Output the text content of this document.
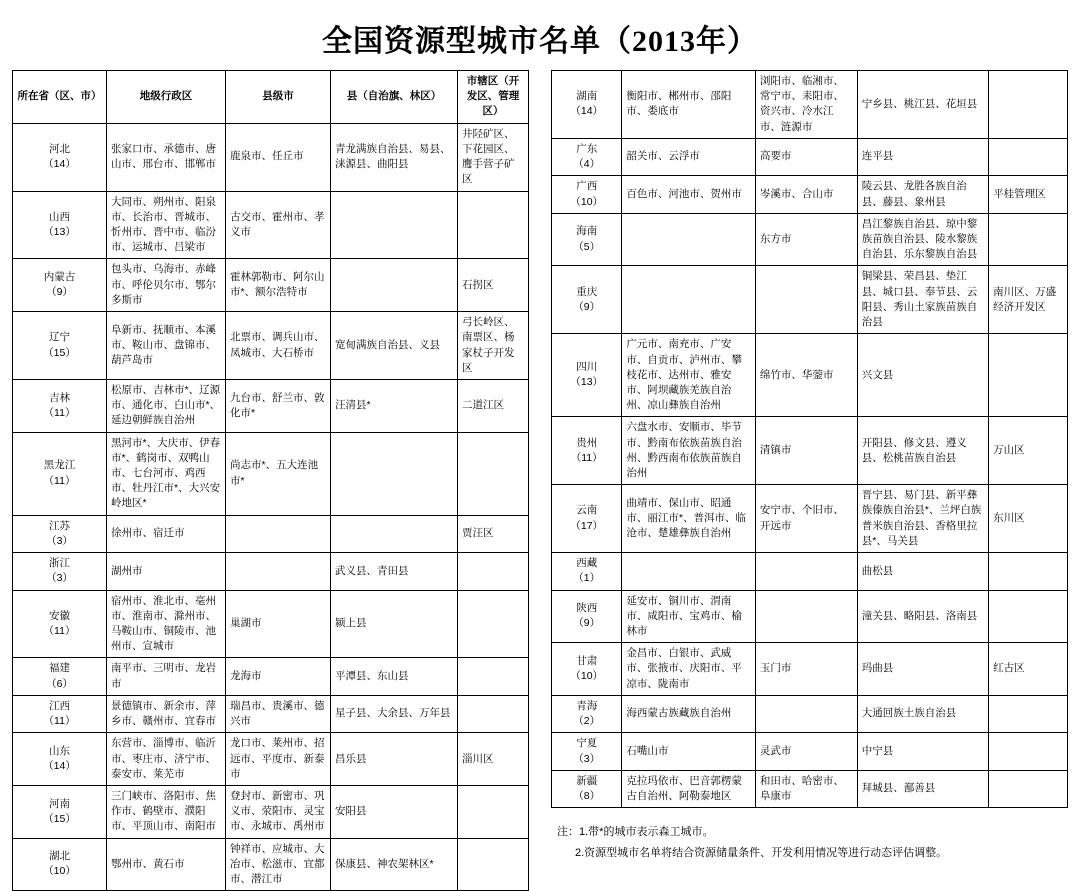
全国资源型城市名单（2013年）
所在省（区、市）	地级行政区	县级市	县（自治旗、林区）	市辖区（开发区、管理区）
河北
（14）	张家口市、承德市、唐山市、邢台市、邯郸市	鹿泉市、任丘市	青龙满族自治县、易县、涞源县、曲阳县	井陉矿区、下花园区、鹰手营子矿区
山西
（13）	大同市、朔州市、阳泉市、长治市、晋城市、忻州市、晋中市、临汾市、运城市、吕梁市	古交市、霍州市、孝义市		
内蒙古
（9）	包头市、乌海市、赤峰市、呼伦贝尔市、鄂尔多斯市	霍林郭勒市、阿尔山市*、额尔浩特市		石拐区
辽宁
（15）	阜新市、抚顺市、本溪市、鞍山市、盘锦市、葫芦岛市	北票市、调兵山市、凤城市、大石桥市	宽甸满族自治县、义县	弓长岭区、南票区、杨家杖子开发区
吉林
（11）	松原市、吉林市*、辽源市、通化市、白山市*、延边朝鲜族自治州	九台市、舒兰市、敦化市*	汪清县*	二道江区
黑龙江
（11）	黑河市*、大庆市、伊春市*、鹤岗市、双鸭山市、七台河市、鸡西市、牡丹江市*、大兴安岭地区*	尚志市*、五大连池市*		
江苏
（3）	徐州市、宿迁市			贾汪区
浙江
（3）	湖州市		武义县、青田县	
安徽
（11）	宿州市、淮北市、亳州市、淮南市、滁州市、马鞍山市、铜陵市、池州市、宣城市	巢湖市	颍上县	
福建
（6）	南平市、三明市、龙岩市	龙海市	平潭县、东山县	
江西
（11）	景德镇市、新余市、萍乡市、赣州市、宜春市	瑞昌市、贵溪市、德兴市	星子县、大余县、万年县	
山东
（14）	东营市、淄博市、临沂市、枣庄市、济宁市、泰安市、莱芜市	龙口市、莱州市、招远市、平度市、新泰市	昌乐县	淄川区
河南
（15）	三门峡市、洛阳市、焦作市、鹤壁市、濮阳市、平顶山市、南阳市	登封市、新密市、巩义市、荥阳市、灵宝市、永城市、禹州市	安阳县	
湖北
（10）	鄂州市、黄石市	钟祥市、应城市、大冶市、松滋市、宜都市、潜江市	保康县、神农架林区*	
湖南
（14）	衡阳市、郴州市、邵阳市、娄底市	浏阳市、临湘市、常宁市、耒阳市、资兴市、冷水江市、涟源市	宁乡县、桃江县、花垣县	
广东
（4）	韶关市、云浮市	高要市	连平县	
广西
（10）	百色市、河池市、贺州市	岑溪市、合山市	陵云县、龙胜各族自治县、藤县、象州县	平桂管理区
海南
（5）		东方市	昌江黎族自治县、琼中黎族苗族自治县、陵水黎族自治县、乐东黎族自治县	
重庆
（9）			铜梁县、荣昌县、垫江县、城口县、奉节县、云阳县、秀山土家族苗族自治县	南川区、万盛经济开发区
四川
（13）	广元市、南充市、广安市、自贡市、泸州市、攀枝花市、达州市、雅安市、阿坝藏族羌族自治州、凉山彝族自治州	绵竹市、华蓥市	兴文县	
贵州
（11）	六盘水市、安顺市、毕节市、黔南布依族苗族自治州、黔西南布依族苗族自治州	清镇市	开阳县、修文县、遵义县、松桃苗族自治县	万山区
云南
（17）	曲靖市、保山市、昭通市、丽江市*、普洱市、临沧市、楚雄彝族自治州	安宁市、个旧市、开远市	晋宁县、易门县、新平彝族傣族自治县*、兰坪白族普米族自治县、香格里拉县*、马关县	东川区
西藏
（1）			曲松县	
陕西
（9）	延安市、铜川市、渭南市、咸阳市、宝鸡市、榆林市		潼关县、略阳县、洛南县	
甘肃
（10）	金昌市、白银市、武威市、张掖市、庆阳市、平凉市、陇南市	玉门市	玛曲县	红古区
青海
（2）	海西蒙古族藏族自治州		大通回族土族自治县	
宁夏
（3）	石嘴山市	灵武市	中宁县	
新疆
（8）	克拉玛依市、巴音郭楞蒙古自治州、阿勒泰地区	和田市、哈密市、阜康市	拜城县、鄯善县	
注：1.带*的城市表示森工城市。
2.资源型城市名单将结合资源储量条件、开发利用情况等进行动态评估调整。
